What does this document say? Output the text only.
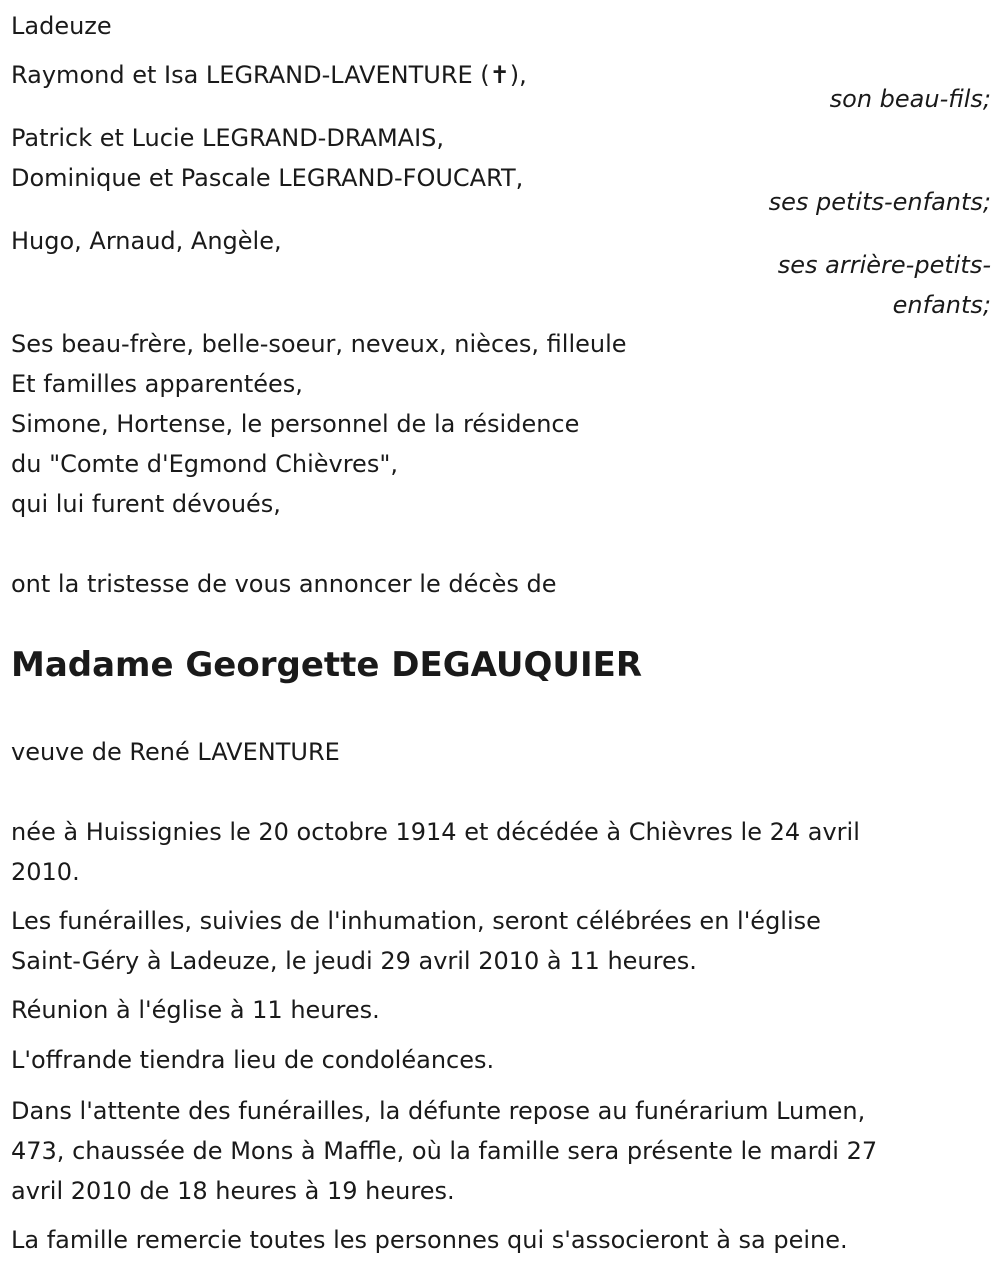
Ladeuze
Raymond et Isa LEGRAND-LAVENTURE (✝),
son beau-fils;
Patrick et Lucie LEGRAND-DRAMAIS,
Dominique et Pascale LEGRAND-FOUCART,
ses petits-enfants;
Hugo, Arnaud, Angèle,
ses arrière-petits-
enfants;
Ses beau-frère, belle-soeur, neveux, nièces, filleule
Et familles apparentées,
Simone, Hortense, le personnel de la résidence
du "Comte d'Egmond Chièvres",
qui lui furent dévoués,
ont la tristesse de vous annoncer le décès de
Madame Georgette DEGAUQUIER
veuve de René LAVENTURE
née à Huissignies le 20 octobre 1914 et décédée à Chièvres le 24 avril
2010.
Les funérailles, suivies de l'inhumation, seront célébrées en l'église
Saint-Géry à Ladeuze, le jeudi 29 avril 2010 à 11 heures.
Réunion à l'église à 11 heures.
L'offrande tiendra lieu de condoléances.
Dans l'attente des funérailles, la défunte repose au funérarium Lumen,
473, chaussée de Mons à Maffle, où la famille sera présente le mardi 27
avril 2010 de 18 heures à 19 heures.
La famille remercie toutes les personnes qui s'associeront à sa peine.
